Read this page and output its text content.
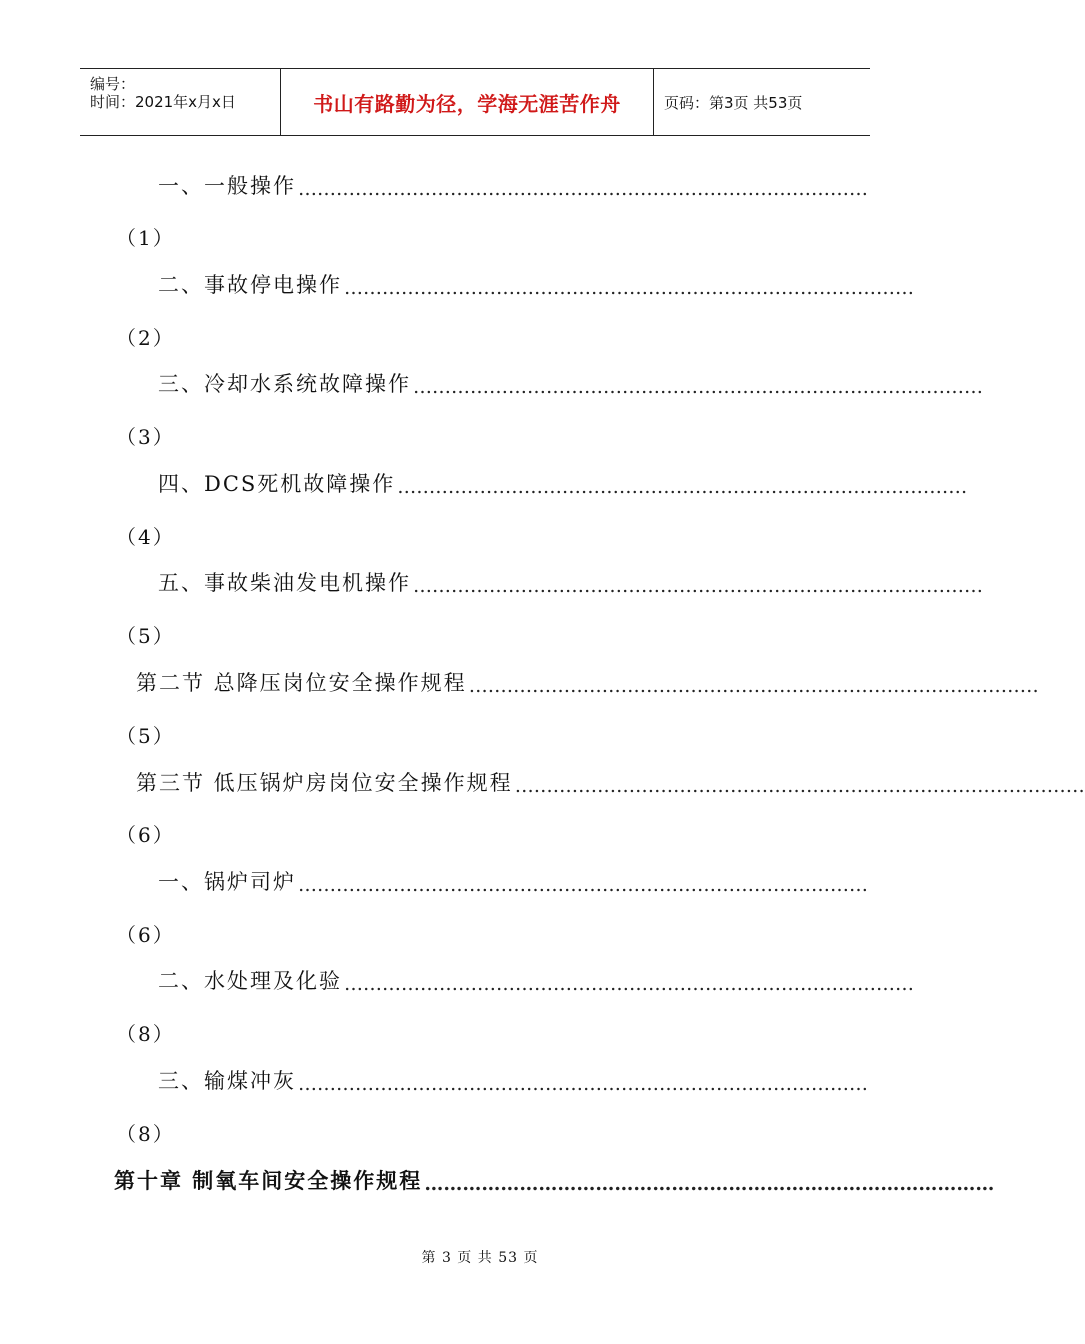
编号：
时间：2021年x月x日	书山有路勤为径，学海无涯苦作舟	页码：第3页 共53页
一、一般操作 ………………………………………………………………………………
（1）
二、事故停电操作 ………………………………………………………………………………
（2）
三、冷却水系统故障操作 ………………………………………………………………………………
（3）
四、DCS死机故障操作 ………………………………………………………………………………
（4）
五、事故柴油发电机操作 ………………………………………………………………………………
（5）
第二节 总降压岗位安全操作规程 ………………………………………………………………………………
（5）
第三节 低压锅炉房岗位安全操作规程 ………………………………………………………………………………
（6）
一、锅炉司炉 ………………………………………………………………………………
（6）
二、水处理及化验 ………………………………………………………………………………
（8）
三、输煤冲灰 ………………………………………………………………………………
（8）
第十章 制氧车间安全操作规程 ………………………………………………………………………………
第 3 页 共 53 页
